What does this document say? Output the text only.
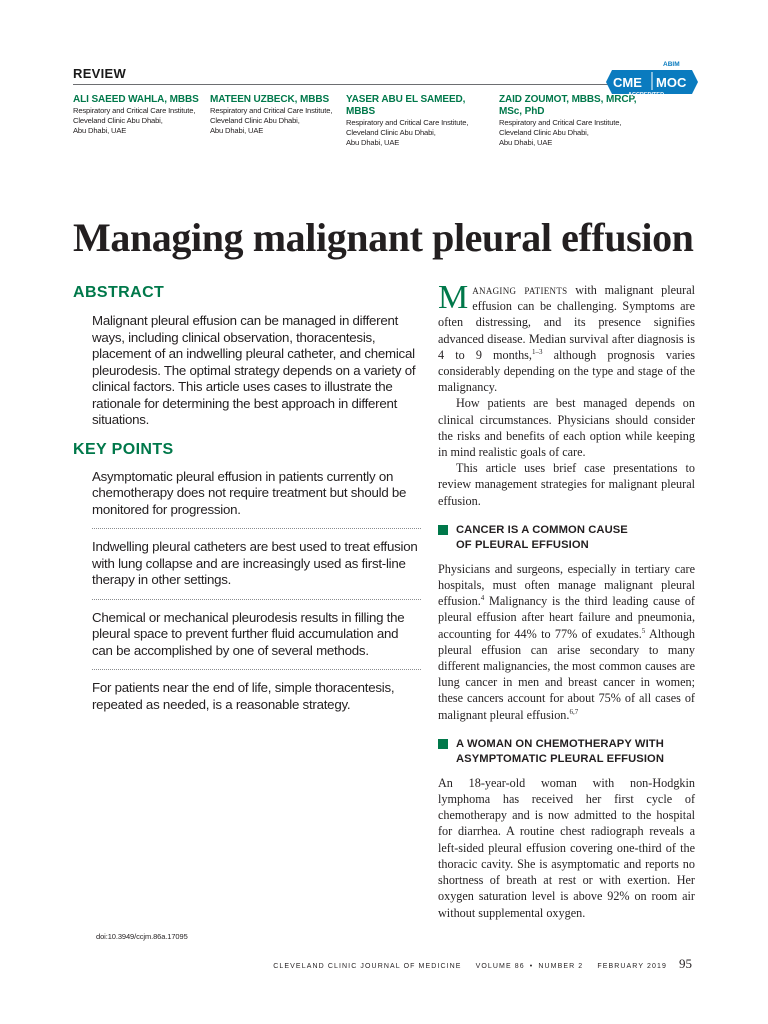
REVIEW
ALI SAEED WAHLA, MBBS
Respiratory and Critical Care Institute,
Cleveland Clinic Abu Dhabi,
Abu Dhabi, UAE
MATEEN UZBECK, MBBS
Respiratory and Critical Care Institute,
Cleveland Clinic Abu Dhabi,
Abu Dhabi, UAE
YASER ABU EL SAMEED, MBBS
Respiratory and Critical Care Institute,
Cleveland Clinic Abu Dhabi,
Abu Dhabi, UAE
ZAID ZOUMOT, MBBS, MRCP, MSc, PhD
Respiratory and Critical Care Institute,
Cleveland Clinic Abu Dhabi,
Abu Dhabi, UAE
ABIM
CME MOC
ACCREDITED
Managing malignant pleural effusion
ABSTRACT
Malignant pleural effusion can be managed in different ways, including clinical observation, thoracentesis, placement of an indwelling pleural catheter, and chemical pleurodesis. The optimal strategy depends on a variety of clinical factors. This article uses cases to illustrate the rationale for determining the best approach in different situations.
KEY POINTS
Asymptomatic pleural effusion in patients currently on chemotherapy does not require treatment but should be monitored for progression.
Indwelling pleural catheters are best used to treat effusion with lung collapse and are increasingly used as first-line therapy in other settings.
Chemical or mechanical pleurodesis results in filling the pleural space to prevent further fluid accumulation and can be accomplished by one of several methods.
For patients near the end of life, simple thoracentesis, repeated as needed, is a reasonable strategy.

Managing patients with malignant pleural effusion can be challenging. Symptoms are often distressing, and its presence signifies advanced disease. Median survival after diagnosis is 4 to 9 months,$^{1-3}$ although prognosis varies considerably depending on the type and stage of the malignancy.

How patients are best managed depends on clinical circumstances. Physicians should consider the risks and benefits of each option while keeping in mind realistic goals of care.

This article uses brief case presentations to review management strategies for malignant pleural effusion.

CANCER IS A COMMON CAUSE
OF PLEURAL EFFUSION

Physicians and surgeons, especially in tertiary care hospitals, must often manage malignant pleural effusion.$^4$ Malignancy is the third leading cause of pleural effusion after heart failure and pneumonia, accounting for 44% to 77% of exudates.$^5$ Although pleural effusion can arise secondary to many different malignancies, the most common causes are lung cancer in men and breast cancer in women; these cancers account for about 75% of all cases of malignant pleural effusion.$^{6,7}$

A WOMAN ON CHEMOTHERAPY WITH
ASYMPTOMATIC PLEURAL EFFUSION

An 18-year-old woman with non-Hodgkin lymphoma has received her first cycle of chemotherapy and is now admitted to the hospital for diarrhea. A routine chest radiograph reveals a left-sided pleural effusion covering one-third of the thoracic cavity. She is asymptomatic and reports no shortness of breath at rest or with exertion. Her oxygen saturation level is above 92% on room air without supplemental oxygen.

doi:10.3949/ccjm.86a.17095
CLEVELAND CLINIC JOURNAL OF MEDICINE VOLUME 86 • NUMBER 2 FEBRUARY 2019 95
